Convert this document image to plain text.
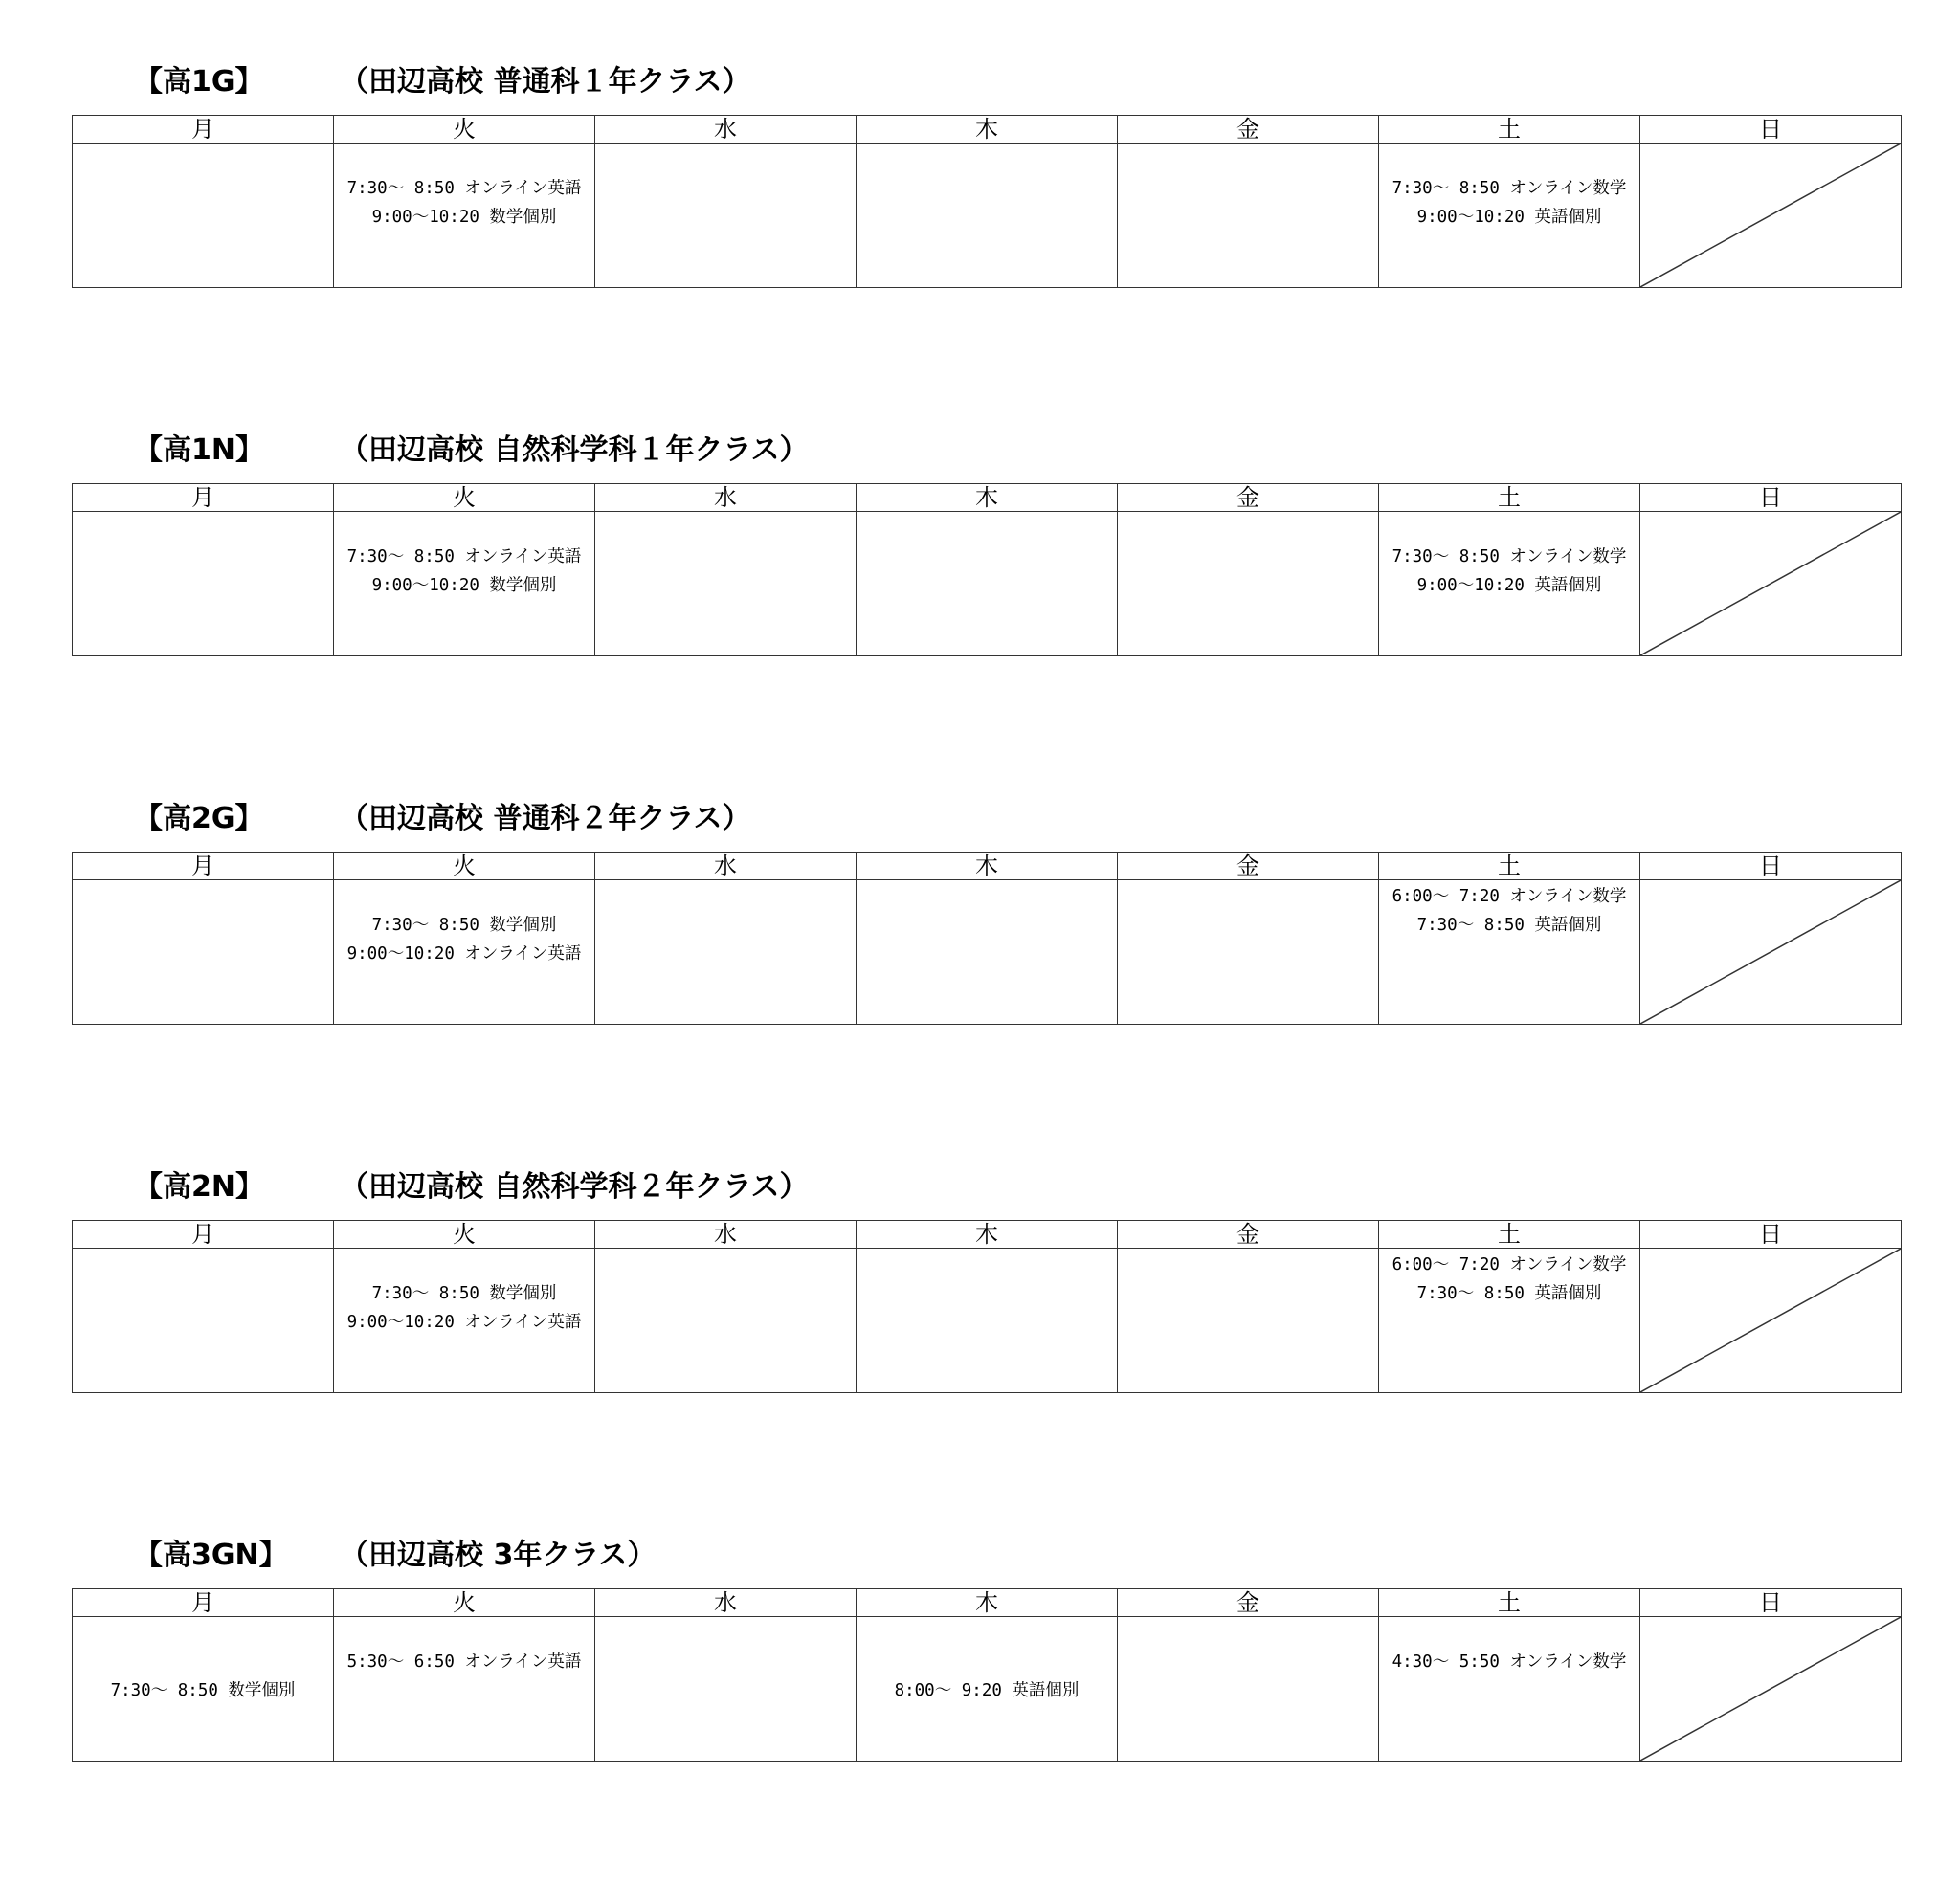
【高1G】	（田辺高校 普通科１年クラス）
月	火	水	木	金	土	日

	7:30～ 8:50 オンライン英語
9:00～10:20 数学個別				7:30～ 8:50 オンライン数学
9:00～10:20 英語個別

【高1N】	（田辺高校 自然科学科１年クラス）
月	火	水	木	金	土	日

	7:30～ 8:50 オンライン英語
9:00～10:20 数学個別				7:30～ 8:50 オンライン数学
9:00～10:20 英語個別

【高2G】	（田辺高校 普通科２年クラス）
月	火	水	木	金	土	日

	7:30～ 8:50 数学個別
9:00～10:20 オンライン英語				6:00～ 7:20 オンライン数学
7:30～ 8:50 英語個別

【高2N】	（田辺高校 自然科学科２年クラス）
月	火	水	木	金	土	日

	7:30～ 8:50 数学個別
9:00～10:20 オンライン英語				6:00～ 7:20 オンライン数学
7:30～ 8:50 英語個別

【高3GN】 （田辺高校 3年クラス）
月	火	水	木	金	土	日

7:30～ 8:50 数学個別	5:30～ 6:50 オンライン英語		8:00～ 9:20 英語個別		4:30～ 5:50 オンライン数学
